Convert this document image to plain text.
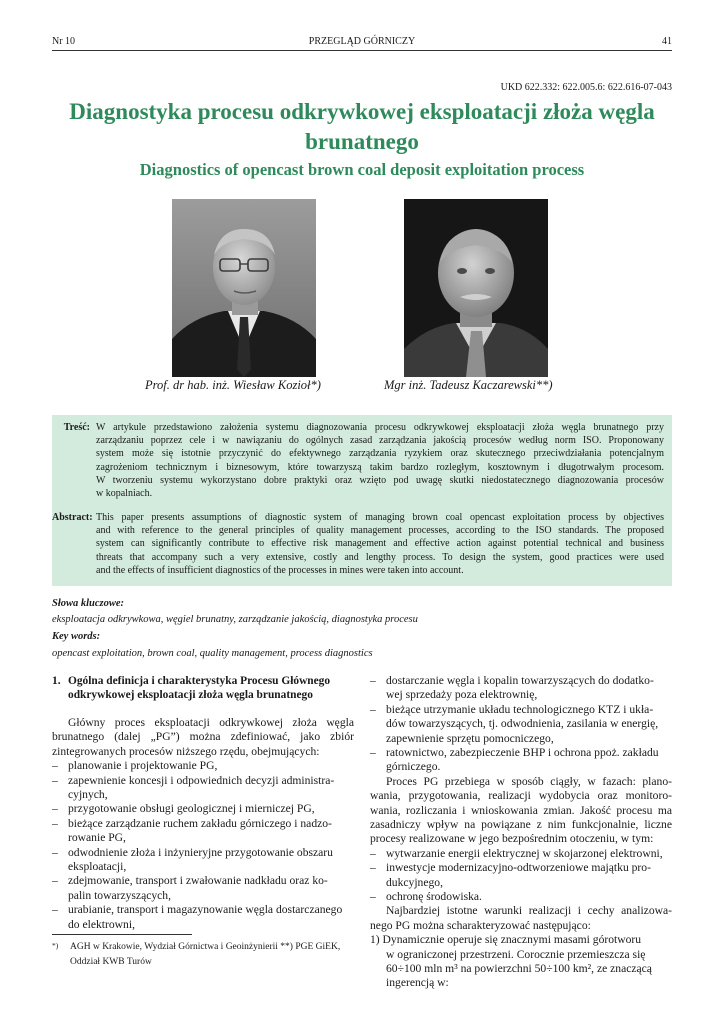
Nr 10	PRZEGLĄD GÓRNICZY	41
UKD 622.332: 622.005.6: 622.616-07-043
Diagnostyka procesu odkrywkowej eksploatacji złoża węgla
brunatnego
Diagnostics of opencast brown coal deposit exploitation process
Prof. dr hab. inż. Wiesław Kozioł*)	Mgr inż. Tadeusz Kaczarewski**)
Treść: W artykule przedstawiono założenia systemu diagnozowania procesu odkrywkowej eksploatacji złoża węgla brunatnego przy
zarządzaniu poprzez cele i w nawiązaniu do ogólnych zasad zarządzania jakością procesów według norm ISO. Proponowany
system może się istotnie przyczynić do efektywnego zarządzania ryzykiem oraz skutecznego przeciwdziałania potencjalnym
zagrożeniom technicznym i biznesowym, które towarzyszą takim bardzo rozległym, kosztownym i długotrwałym procesom.
W tworzeniu systemu wykorzystano dobre praktyki oraz wzięto pod uwagę skutki niedostatecznego diagnozowania procesów
w kopalniach.
Abstract: This paper presents assumptions of diagnostic system of managing brown coal opencast exploitation process by objectives
and with reference to the general principles of quality management processes, according to the ISO standards. The proposed
system can significantly contribute to effective risk management and effective action against potential technical and business
threats that accompany such a very extensive, costly and lengthy process. To design the system, good practices were used
and the effects of insufficient diagnostics of the processes in mines were taken into account.
Słowa kluczowe:
eksploatacja odkrywkowa, węgiel brunatny, zarządzanie jakością, diagnostyka procesu
Key words:
opencast exploitation, brown coal, quality management, process diagnostics
1. Ogólna definicja i charakterystyka Procesu Głównego
odkrywkowej eksploatacji złoża węgla brunatnego
Główny proces eksploatacji odkrywkowej złoża węgla
brunatnego (dalej „PG”) można zdefiniować, jako zbiór
zintegrowanych procesów niższego rzędu, obejmujących:
– planowanie i projektowanie PG,
– zapewnienie koncesji i odpowiednich decyzji administra-
cyjnych,
– przygotowanie obsługi geologicznej i mierniczej PG,
– bieżące zarządzanie ruchem zakładu górniczego i nadzo-
rowanie PG,
– odwodnienie złoża i inżynieryjne przygotowanie obszaru
eksploatacji,
– zdejmowanie, transport i zwałowanie nadkładu oraz ko-
palin towarzyszących,
– urabianie, transport i magazynowanie węgla dostarczanego
do elektrowni,
– dostarczanie węgla i kopalin towarzyszących do dodatko-
wej sprzedaży poza elektrownię,
– bieżące utrzymanie układu technologicznego KTZ i ukła-
dów towarzyszących, tj. odwodnienia, zasilania w energię,
zapewnienie sprzętu pomocniczego,
– ratownictwo, zabezpieczenie BHP i ochrona ppoż. zakładu
górniczego.
Proces PG przebiega w sposób ciągły, w fazach: plano-
wania, przygotowania, realizacji wydobycia oraz monitoro-
wania, rozliczania i wnioskowania zmian. Jakość procesu ma
zasadniczy wpływ na powiązane z nim funkcjonalnie, liczne
procesy realizowane w jego bezpośrednim otoczeniu, w tym:
– wytwarzanie energii elektrycznej w skojarzonej elektrowni,
– inwestycje modernizacyjno-odtworzeniowe majątku pro-
dukcyjnego,
– ochronę środowiska.
Najbardziej istotne warunki realizacji i cechy analizowa-
nego PG można scharakteryzować następująco:
1) Dynamicznie operuje się znacznymi masami górotworu
w ograniczonej przestrzeni. Corocznie przemieszcza się
60÷100 mln m³ na powierzchni 50÷100 km², ze znaczącą
ingerencją w:
*) AGH w Krakowie, Wydział Górnictwa i Geoinżynierii **) PGE GiEK,
Oddział KWB Turów
